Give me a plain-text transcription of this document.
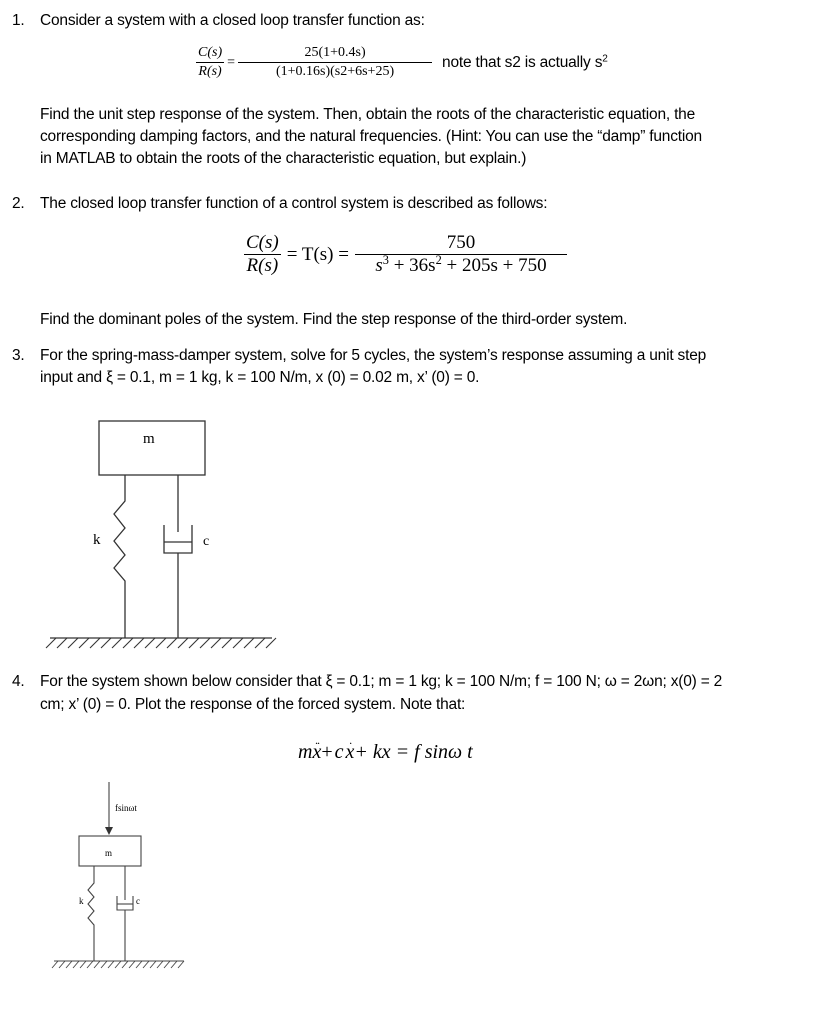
1. Consider a system with a closed loop transfer function as:
$\frac{C(s)}{R(s)} = \frac{25(1+0.4s)}{(1+0.16s)(s2+6s+25)}$ note that s2 is actually $s^2$
Find the unit step response of the system. Then, obtain the roots of the characteristic equation, the
corresponding damping factors, and the natural frequencies. (Hint: You can use the “damp” function
in MATLAB to obtain the roots of the characteristic equation, but explain.)
2. The closed loop transfer function of a control system is described as follows:
$\frac{C(s)}{R(s)} = T(s) = \frac{750}{s^3 + 36s^2 + 205s + 750}$
Find the dominant poles of the system. Find the step response of the third-order system.
3. For the spring-mass-damper system, solve for 5 cycles, the system’s response assuming a unit step
input and ξ = 0.1, m = 1 kg, k = 100 N/m, x (0) = 0.02 m, x’ (0) = 0.
m
k	c
4. For the system shown below consider that ξ = 0.1; m = 1 kg; k = 100 N/m; f = 100 N; ω = 2ωn; x(0) = 2
cm; x’ (0) = 0. Plot the response of the forced system. Note that:
m·· x+ c · x+ kx = f sinω t
fsinωt
m
k	c
